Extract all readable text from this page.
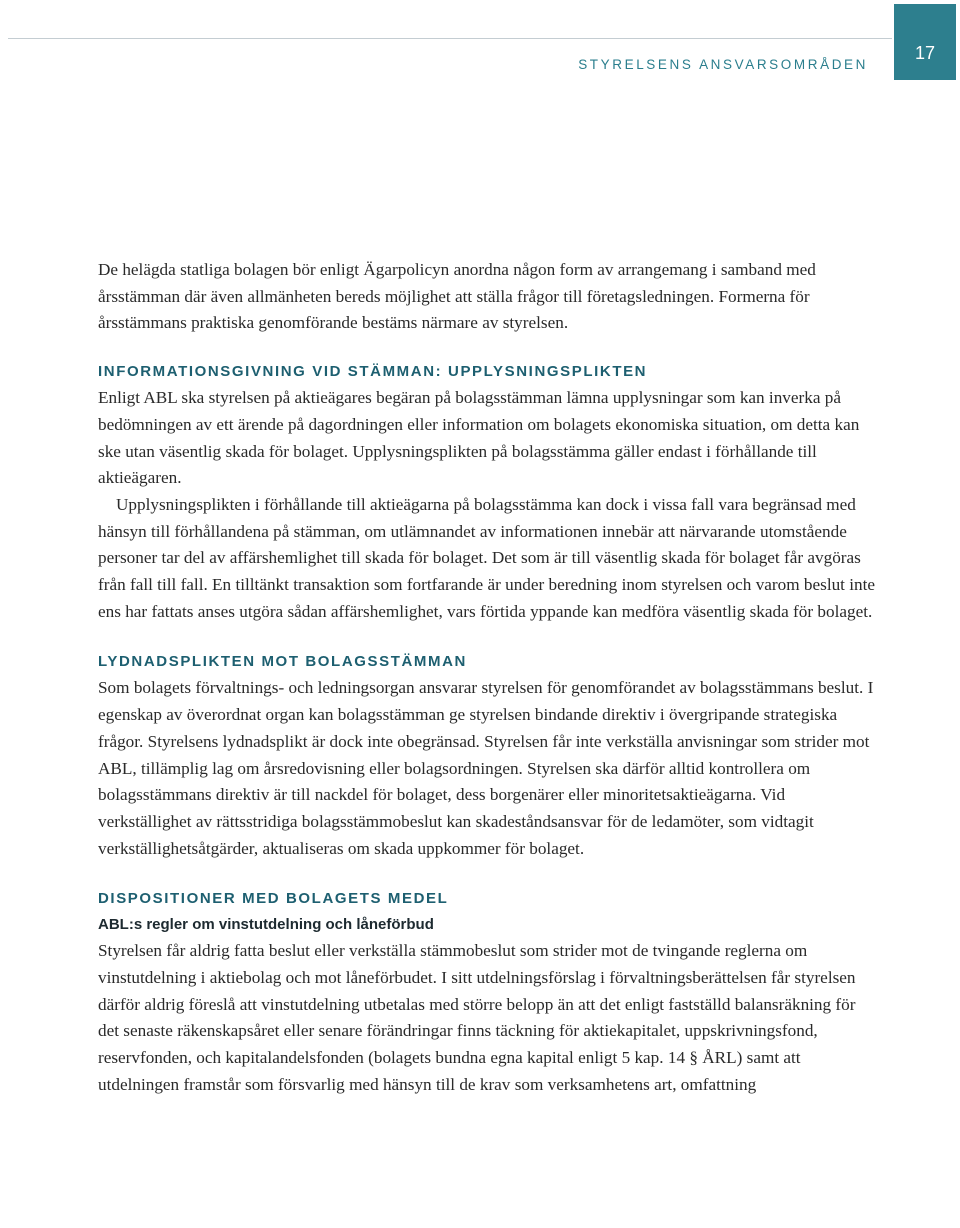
STYRELSENS ANSVARSOMRÅDEN
17

De helägda statliga bolagen bör enligt Ägarpolicyn anordna någon form av arrangemang i samband med årsstämman där även allmänheten bereds möjlighet att ställa frågor till företagsledningen. Formerna för årsstämmans praktiska genomförande bestäms närmare av styrelsen.

INFORMATIONSGIVNING VID STÄMMAN: UPPLYSNINGSPLIKTEN

Enligt ABL ska styrelsen på aktieägares begäran på bolagsstämman lämna upplysningar som kan inverka på bedömningen av ett ärende på dagordningen eller information om bolagets ekonomiska situation, om detta kan ske utan väsentlig skada för bolaget. Upplysningsplikten på bolagsstämma gäller endast i förhållande till aktieägaren.

Upplysningsplikten i förhållande till aktieägarna på bolagsstämma kan dock i vissa fall vara begränsad med hänsyn till förhållandena på stämman, om utlämnandet av informationen innebär att närvarande utomstående personer tar del av affärshemlighet till skada för bolaget. Det som är till väsentlig skada för bolaget får avgöras från fall till fall. En tilltänkt transaktion som fortfarande är under beredning inom styrelsen och varom beslut inte ens har fattats anses utgöra sådan affärshemlighet, vars förtida yppande kan medföra väsentlig skada för bolaget.

LYDNADSPLIKTEN MOT BOLAGSSTÄMMAN

Som bolagets förvaltnings- och ledningsorgan ansvarar styrelsen för genomförandet av bolagsstämmans beslut. I egenskap av överordnat organ kan bolagsstämman ge styrelsen bindande direktiv i övergripande strategiska frågor. Styrelsens lydnadsplikt är dock inte obegränsad. Styrelsen får inte verkställa anvisningar som strider mot ABL, tillämplig lag om årsredovisning eller bolagsordningen. Styrelsen ska därför alltid kontrollera om bolagsstämmans direktiv är till nackdel för bolaget, dess borgenärer eller minoritetsaktieägarna. Vid verkställighet av rättsstridiga bolagsstämmobeslut kan skadeståndsansvar för de ledamöter, som vidtagit verkställighetsåtgärder, aktualiseras om skada uppkommer för bolaget.

DISPOSITIONER MED BOLAGETS MEDEL
ABL:s regler om vinstutdelning och låneförbud

Styrelsen får aldrig fatta beslut eller verkställa stämmobeslut som strider mot de tvingande reglerna om vinstutdelning i aktiebolag och mot låneförbudet. I sitt utdelningsförslag i förvaltningsberättelsen får styrelsen därför aldrig föreslå att vinstutdelning utbetalas med större belopp än att det enligt fastställd balansräkning för det senaste räkenskapsåret eller senare förändringar finns täckning för aktiekapitalet, uppskrivningsfond, reservfonden, och kapitalandelsfonden (bolagets bundna egna kapital enligt 5 kap. 14 § ÅRL) samt att utdelningen framstår som försvarlig med hänsyn till de krav som verksamhetens art, omfattning
